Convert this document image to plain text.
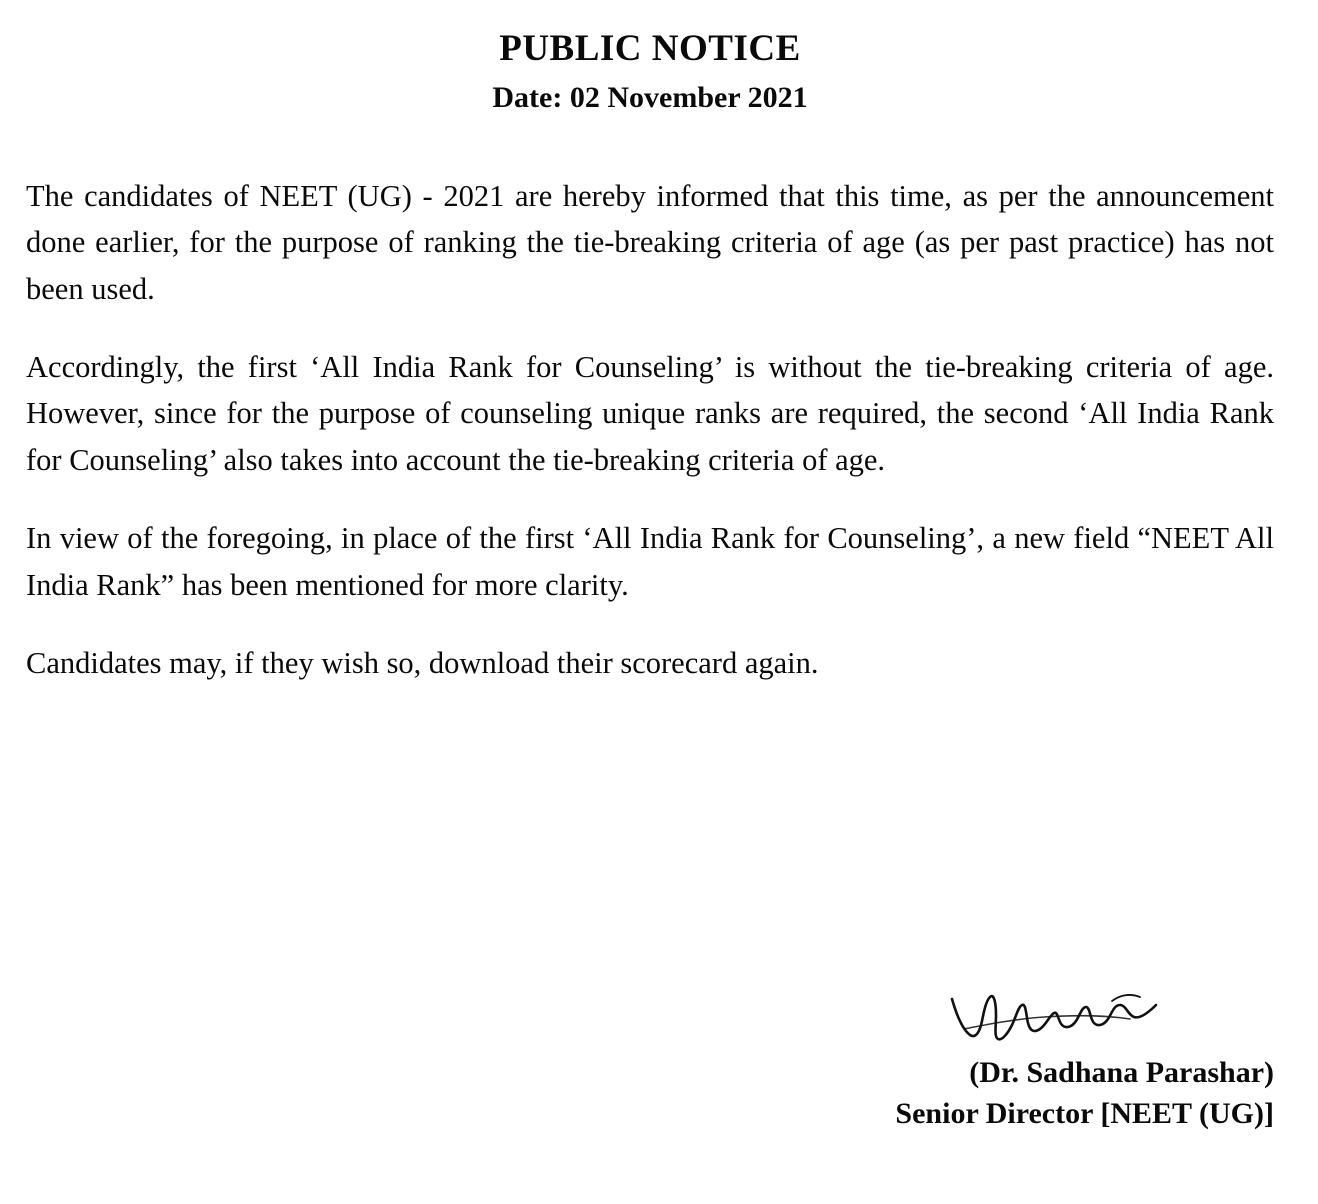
PUBLIC NOTICE
Date: 02 November 2021

The candidates of NEET (UG) - 2021 are hereby informed that this time, as per the announcement done earlier, for the purpose of ranking the tie-breaking criteria of age (as per past practice) has not been used.

Accordingly, the first ‘All India Rank for Counseling’ is without the tie-breaking criteria of age. However, since for the purpose of counseling unique ranks are required, the second ‘All India Rank for Counseling’ also takes into account the tie-breaking criteria of age.

In view of the foregoing, in place of the first ‘All India Rank for Counseling’, a new field “NEET All India Rank” has been mentioned for more clarity.

Candidates may, if they wish so, download their scorecard again.

(Dr. Sadhana Parashar)
Senior Director [NEET (UG)]
